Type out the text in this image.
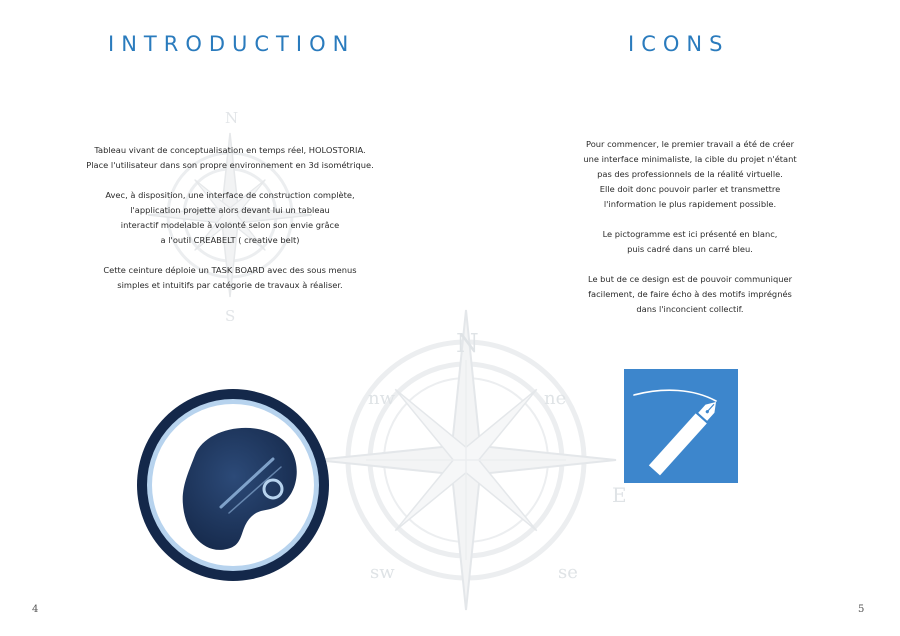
N
S
N
E
nw	ne
se
sw
INTRODUCTION

Tableau vivant de conceptualisation en temps réel, HOLOSTORIA.
Place l'utilisateur dans son propre environnement en 3d isométrique.

Avec, à disposition, une interface de construction complète,
l'application projette alors devant lui un tableau
interactif modelable à volonté selon son envie grâce
a l'outil CREABELT ( creative belt)

Cette ceinture déploie un TASK BOARD avec des sous menus
simples et intuitifs par catégorie de travaux à réaliser.

4
ICONS

Pour commencer, le premier travail a été de créer
une interface minimaliste, la cible du projet n'étant
pas des professionnels de la réalité virtuelle.
Elle doit donc pouvoir parler et transmettre
l'information le plus rapidement possible.

Le pictogramme est ici présenté en blanc,
puis cadré dans un carré bleu.

Le but de ce design est de pouvoir communiquer
facilement, de faire écho à des motifs imprégnés
dans l'inconcient collectif.

5
